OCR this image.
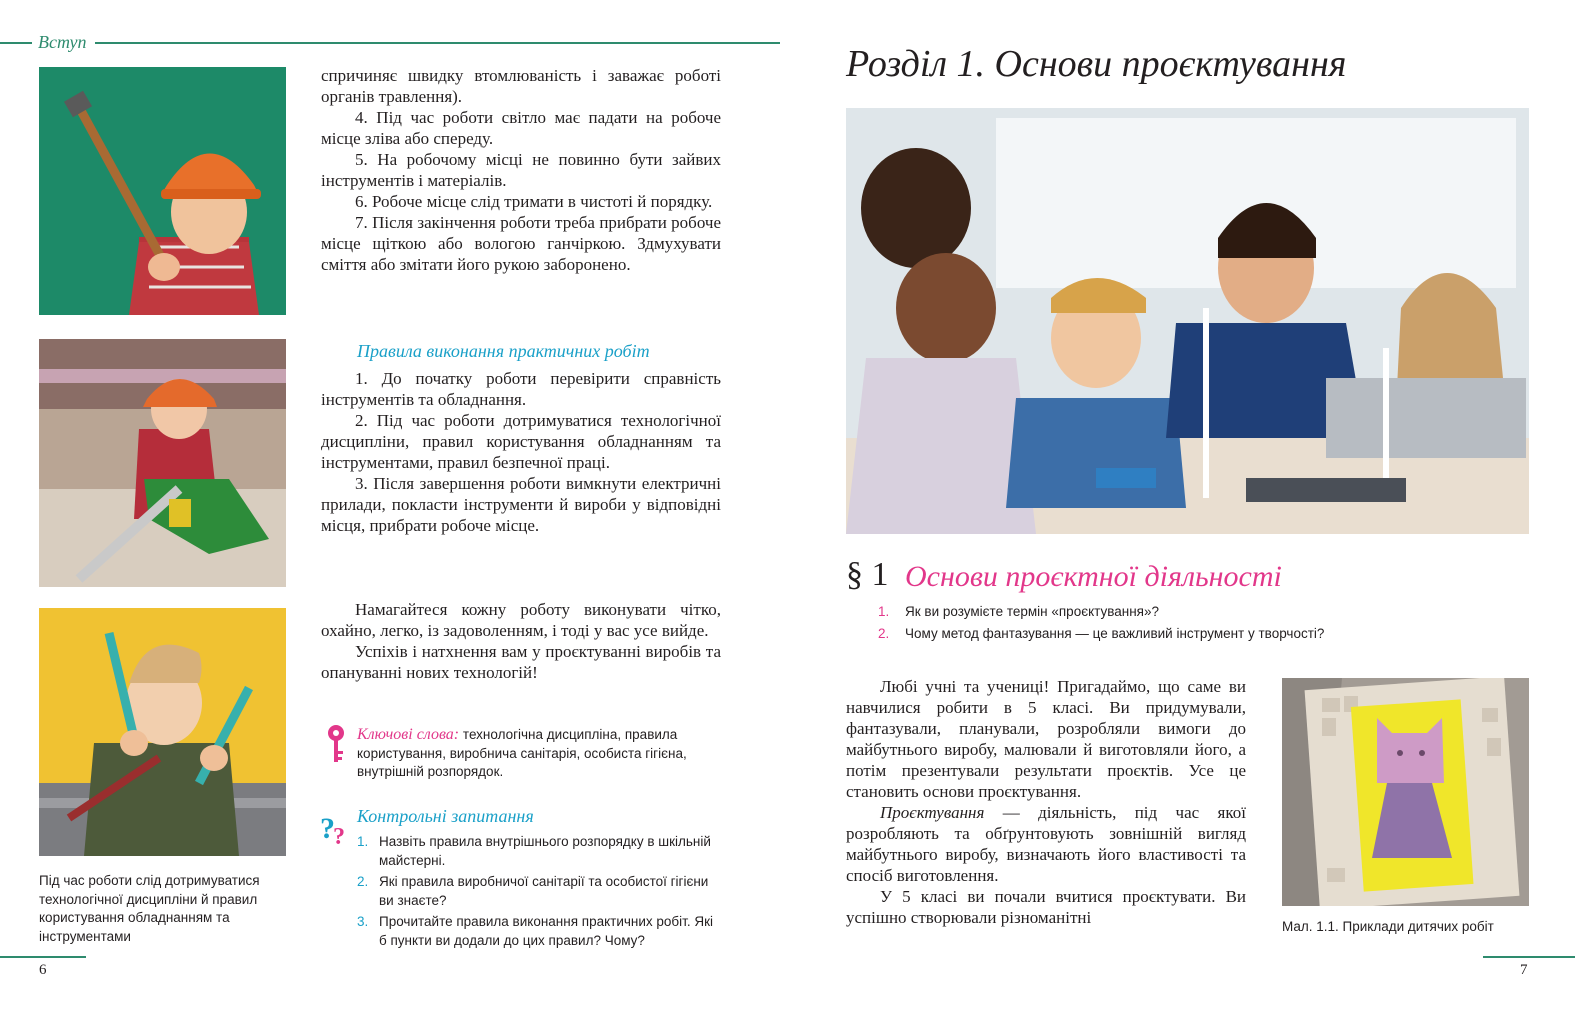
Вступ
Під час роботи слід дотримуватися технологічної дисципліни й правил користування обладнанням та інструментами

спричиняє швидку втомлюваність і заважає роботі органів травлення).

4. Під час роботи світло має падати на робоче місце зліва або спереду.

5. На робочому місці не повинно бути зайвих інструментів і матеріалів.

6. Робоче місце слід тримати в чистоті й порядку.

7. Після закінчення роботи треба прибрати робоче місце щіткою або вологою ганчіркою. Здмухувати сміття або змітати його рукою заборонено.

Правила виконання практичних робіт

1. До початку роботи перевірити справність інструментів та обладнання.

2. Під час роботи дотримуватися технологічної дисципліни, правил користування обладнанням та інструментами, правил безпечної праці.

3. Після завершення роботи вимкнути електричні прилади, покласти інструменти й вироби у відповідні місця, прибрати робоче місце.

Намагайтеся кожну роботу виконувати чітко, охайно, легко, із задоволенням, і тоді у вас усе вийде.

Успіхів і натхнення вам у проєктуванні виробів та опануванні нових технологій!

Ключові слова: технологічна дисципліна, правила користування, виробнича санітарія, особиста гігієна, внутрішній розпорядок.
?
?
Контрольні запитання
1. Назвіть правила внутрішнього розпорядку в шкільній майстерні.
2. Які правила виробничої санітарії та особистої гігієни ви знаєте?
3. Прочитайте правила виконання практичних робіт. Які б пункти ви додали до цих правил? Чому?
6
Розділ 1. Основи проєктування
§ 1 Основи проєктної діяльності
1.	Як ви розумієте термін «проєктування»?
2.	Чому метод фантазування — це важливий інструмент у творчості?

Любі учні та учениці! Пригадаймо, що саме ви навчилися робити в 5 класі. Ви придумували, фантазували, планували, розробляли вимоги до майбутнього виробу, малювали й виготовляли його, а потім презентували результати проєктів. Усе це становить основи проєктування.

Проєктування — діяльність, під час якої розробляють та обґрунтовують зовнішній вигляд майбутнього виробу, визначають його властивості та спосіб виготовлення.

У 5 класі ви почали вчитися проєктувати. Ви успішно створювали різноманітні	Мал. 1.1. Приклади дитячих робіт
7
